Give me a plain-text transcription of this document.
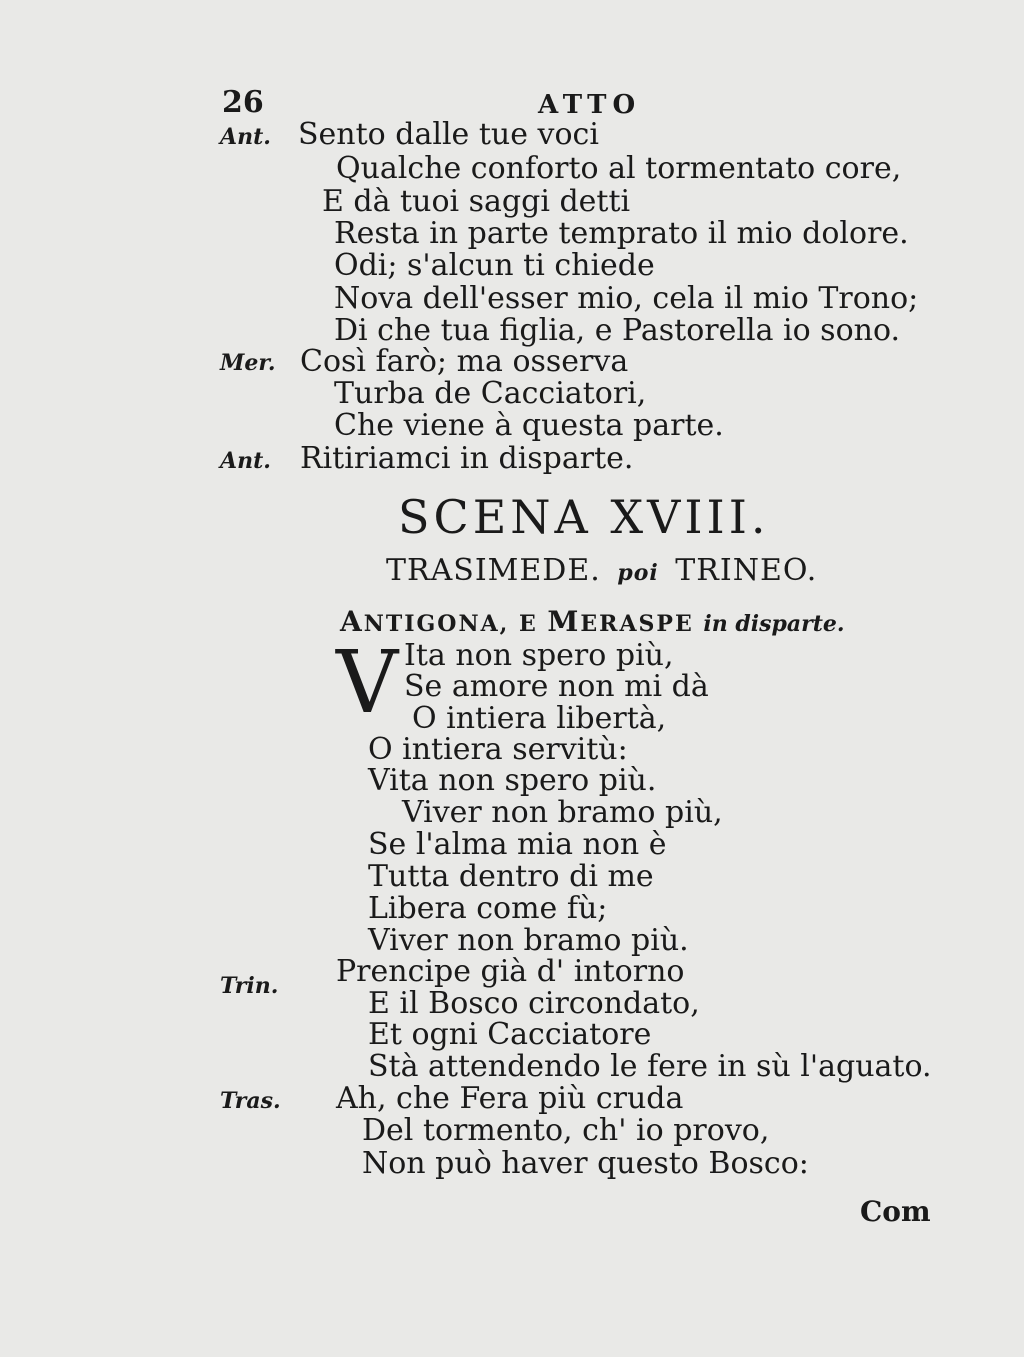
26	ATTO
Ant. Sento dalle tue voci
Qualche conforto al tormentato core,
E dà tuoi saggi detti
Resta in parte temprato il mio dolore.
Odi; s'alcun ti chiede
Nova dell'esser mio, cela il mio Trono;
Di che tua figlia, e Pastorella io sono.
Mer. Così farò; ma osserva
Turba de Cacciatori,
Che viene à questa parte.
Ant. Ritiriamci in disparte.
SCENA XVIII.
TRASIMEDE. poi TRINEO.
ANTIGONA, E MERASPE in disparte.
V Ita non spero più,
Se amore non mi dà
O intiera libertà,
O intiera servitù:
Vita non spero più.
Viver non bramo più,
Se l'alma mia non è
Tutta dentro di me
Libera come fù;
Viver non bramo più.
Trin. Prencipe già d' intorno
E il Bosco circondato,
Et ogni Cacciatore
Stà attendendo le fere in sù l'aguato.
Tras. Ah, che Fera più cruda
Del tormento, ch' io provo,
Non può haver questo Bosco:
Com
